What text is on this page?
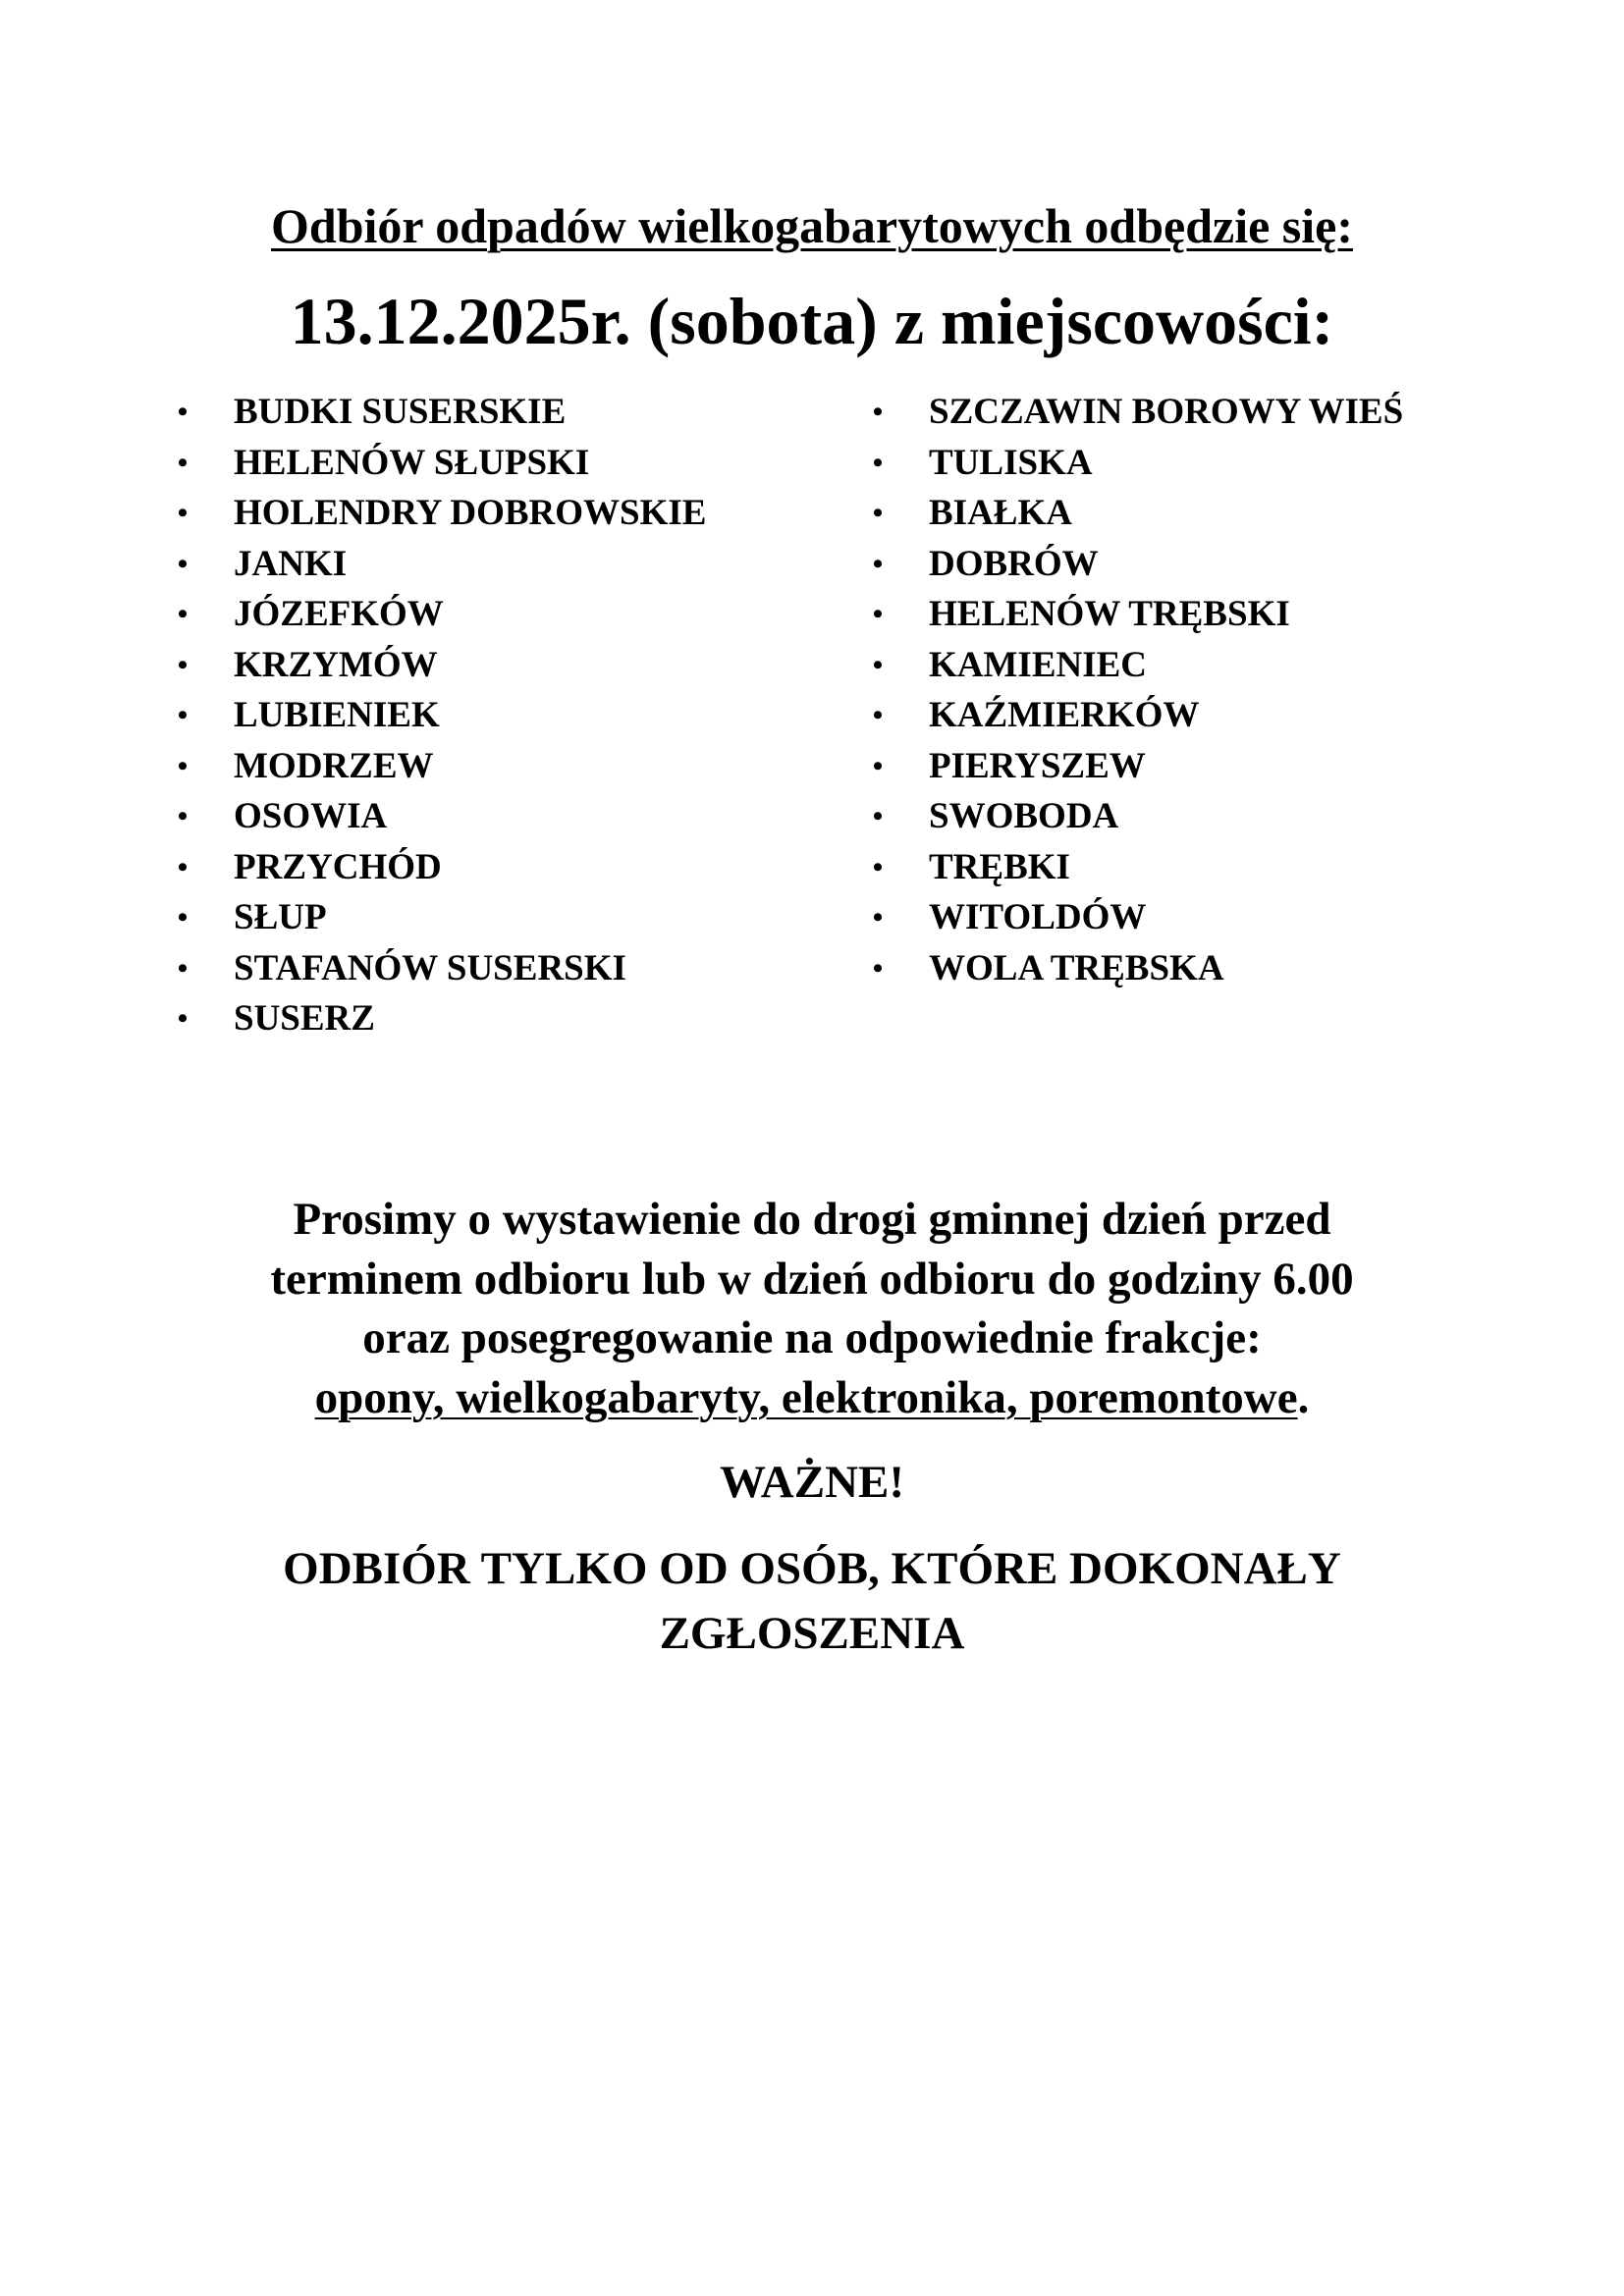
Odbiór odpadów wielkogabarytowych odbędzie się:
13.12.2025r. (sobota) z miejscowości:
• BUDKI SUSERSKIE
• HELENÓW SŁUPSKI
• HOLENDRY DOBROWSKIE
• JANKI
• JÓZEFKÓW
• KRZYMÓW
• LUBIENIEK
• MODRZEW
• OSOWIA
• PRZYCHÓD
• SŁUP
• STAFANÓW SUSERSKI
• SUSERZ
• SZCZAWIN BOROWY WIEŚ
• TULISKA
• BIAŁKA
• DOBRÓW
• HELENÓW TRĘBSKI
• KAMIENIEC
• KAŹMIERKÓW
• PIERYSZEW
• SWOBODA
• TRĘBKI
• WITOLDÓW
• WOLA TRĘBSKA

Prosimy o wystawienie do drogi gminnej dzień przed
terminem odbioru lub w dzień odbioru do godziny 6.00
oraz posegregowanie na odpowiednie frakcje:
opony, wielkogabaryty, elektronika, poremontowe.

WAŻNE!

ODBIÓR TYLKO OD OSÓB, KTÓRE DOKONAŁY
ZGŁOSZENIA
